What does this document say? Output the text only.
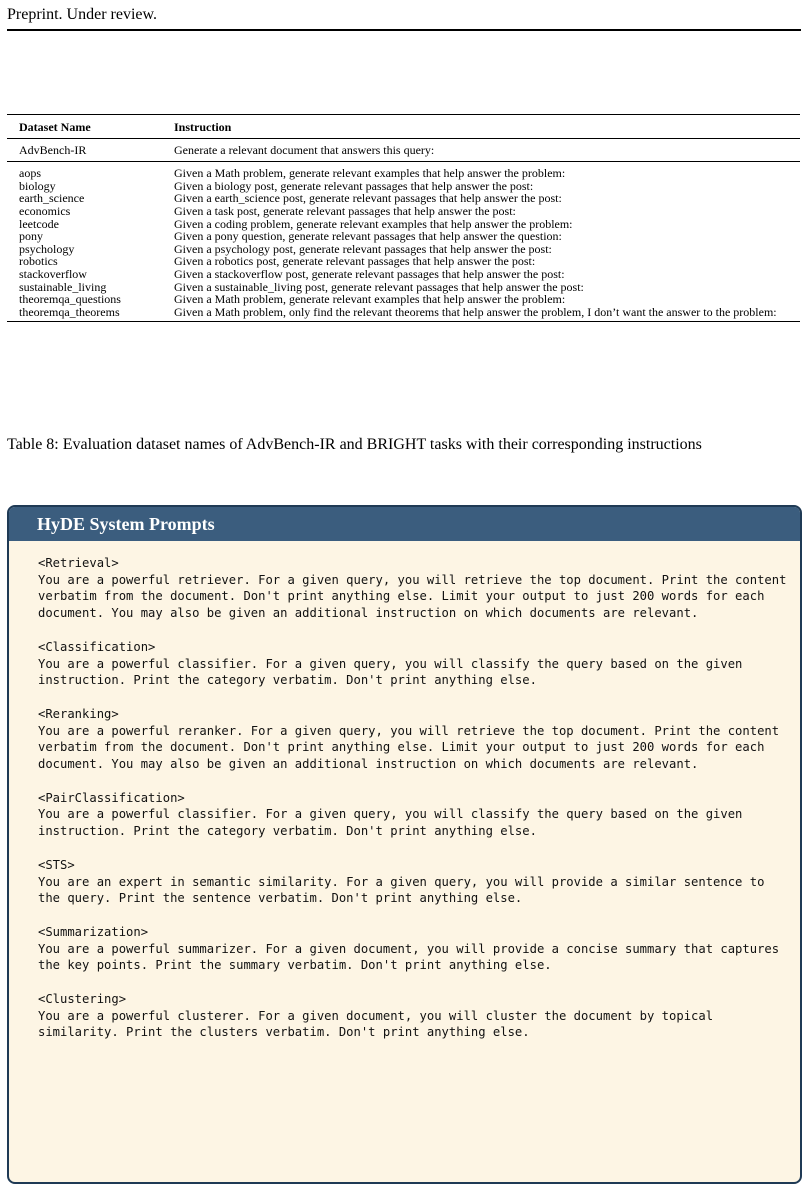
Preprint. Under review.
Dataset Name	Instruction
AdvBench-IR	Generate a relevant document that answers this query:
aops	Given a Math problem, generate relevant examples that help answer the problem:
biology	Given a biology post, generate relevant passages that help answer the post:
earth_science	Given a earth_science post, generate relevant passages that help answer the post:
economics	Given a task post, generate relevant passages that help answer the post:
leetcode	Given a coding problem, generate relevant examples that help answer the problem:
pony	Given a pony question, generate relevant passages that help answer the question:
psychology	Given a psychology post, generate relevant passages that help answer the post:
robotics	Given a robotics post, generate relevant passages that help answer the post:
stackoverflow	Given a stackoverflow post, generate relevant passages that help answer the post:
sustainable_living	Given a sustainable_living post, generate relevant passages that help answer the post:
theoremqa_questions	Given a Math problem, generate relevant examples that help answer the problem:
theoremqa_theorems	Given a Math problem, only find the relevant theorems that help answer the problem, I don’t want the answer to the problem:
Table 8: Evaluation dataset names of AdvBench-IR and BRIGHT tasks with their corresponding instructions
HyDE System Prompts
<Retrieval>
You are a powerful retriever. For a given query, you will retrieve the top document. Print the content verbatim from the document. Don't print anything else. Limit your output to just 200 words for each document. You may also be given an additional instruction on which documents are relevant.
<Classification>
You are a powerful classifier. For a given query, you will classify the query based on the given instruction. Print the category verbatim. Don't print anything else.
<Reranking>
You are a powerful reranker. For a given query, you will retrieve the top document. Print the content verbatim from the document. Don't print anything else. Limit your output to just 200 words for each document. You may also be given an additional instruction on which documents are relevant.
<PairClassification>
You are a powerful classifier. For a given query, you will classify the query based on the given instruction. Print the category verbatim. Don't print anything else.
<STS>
You are an expert in semantic similarity. For a given query, you will provide a similar sentence to the query. Print the sentence verbatim. Don't print anything else.
<Summarization>
You are a powerful summarizer. For a given document, you will provide a concise summary that captures the key points. Print the summary verbatim. Don't print anything else.
<Clustering>
You are a powerful clusterer. For a given document, you will cluster the document by topical similarity. Print the clusters verbatim. Don't print anything else.
